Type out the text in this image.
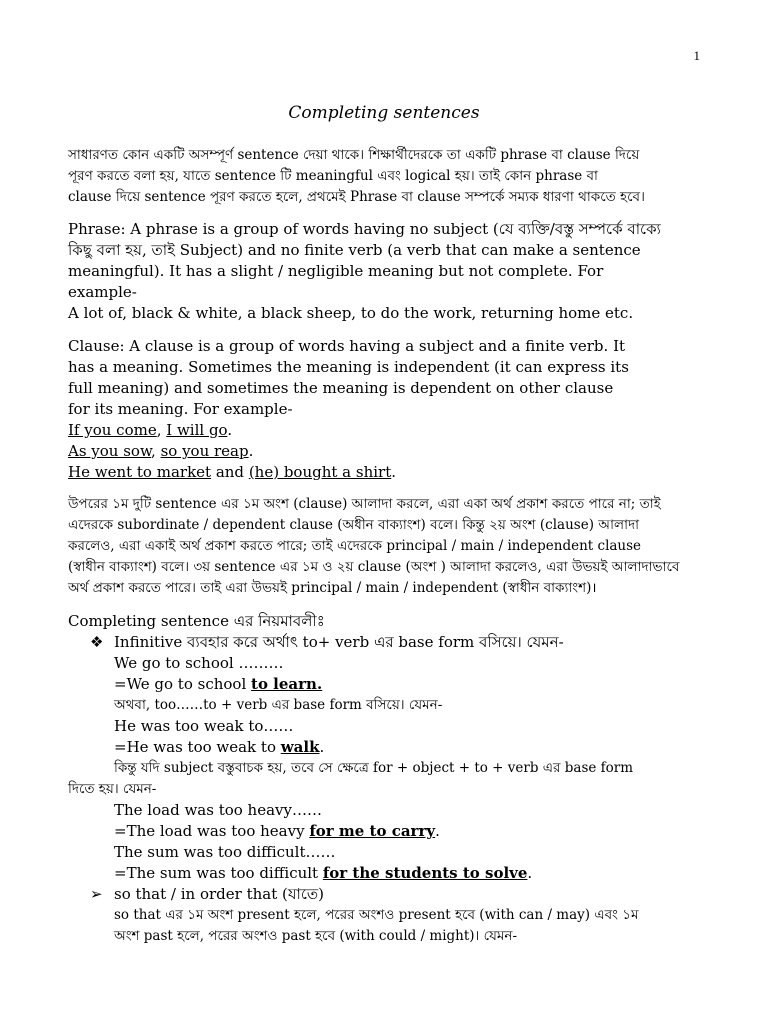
1
Completing sentences
সাধারণত কোন একটি অসম্পূর্ণ sentence দেয়া থাকে। শিক্ষার্থীদেরকে তা একটি phrase বা clause দিয়ে
পূরণ করতে বলা হয়, যাতে sentence টি meaningful এবং logical হয়। তাই কোন phrase বা
clause দিয়ে sentence পূরণ করতে হলে, প্রথমেই Phrase বা clause সম্পর্কে সম্যক ধারণা থাকতে হবে।
Phrase: A phrase is a group of words having no subject (যে ব্যক্তি/বস্তু সম্পর্কে বাক্যে
কিছু বলা হয়, তাই Subject) and no finite verb (a verb that can make a sentence
meaningful). It has a slight / negligible meaning but not complete. For
example-
A lot of, black & white, a black sheep, to do the work, returning home etc.
Clause: A clause is a group of words having a subject and a finite verb. It
has a meaning. Sometimes the meaning is independent (it can express its
full meaning) and sometimes the meaning is dependent on other clause
for its meaning. For example-
If you come, I will go.
As you sow, so you reap.
He went to market and (he) bought a shirt.
উপরের ১ম দুটি sentence এর ১ম অংশ (clause) আলাদা করলে, এরা একা অর্থ প্রকাশ করতে পারে না; তাই
এদেরকে subordinate / dependent clause (অধীন বাক্যাংশ) বলে। কিন্তু ২য় অংশ (clause) আলাদা
করলেও, এরা একাই অর্থ প্রকাশ করতে পারে; তাই এদেরকে principal / main / independent clause
(স্বাধীন বাক্যাংশ) বলে। ৩য় sentence এর ১ম ও ২য় clause (অংশ ) আলাদা করলেও, এরা উভয়ই আলাদাভাবে
অর্থ প্রকাশ করতে পারে। তাই এরা উভয়ই principal / main / independent (স্বাধীন বাক্যাংশ)।
Completing sentence এর নিয়মাবলীঃ
❖ Infinitive ব্যবহার করে অর্থাৎ to+ verb এর base form বসিয়ে। যেমন-
We go to school ………
=We go to school to learn.
অথবা, too……to + verb এর base form বসিয়ে। যেমন-
He was too weak to……
=He was too weak to walk.
কিন্তু যদি subject বস্তুবাচক হয়, তবে সে ক্ষেত্রে for + object + to + verb এর base form
দিতে হয়। যেমন-
The load was too heavy……
=The load was too heavy for me to carry.
The sum was too difficult……
=The sum was too difficult for the students to solve.
➢ so that / in order that (যাতে)
so that এর ১ম অংশ present হলে, পরের অংশও present হবে (with can / may) এবং ১ম
অংশ past হলে, পরের অংশও past হবে (with could / might)। যেমন-
